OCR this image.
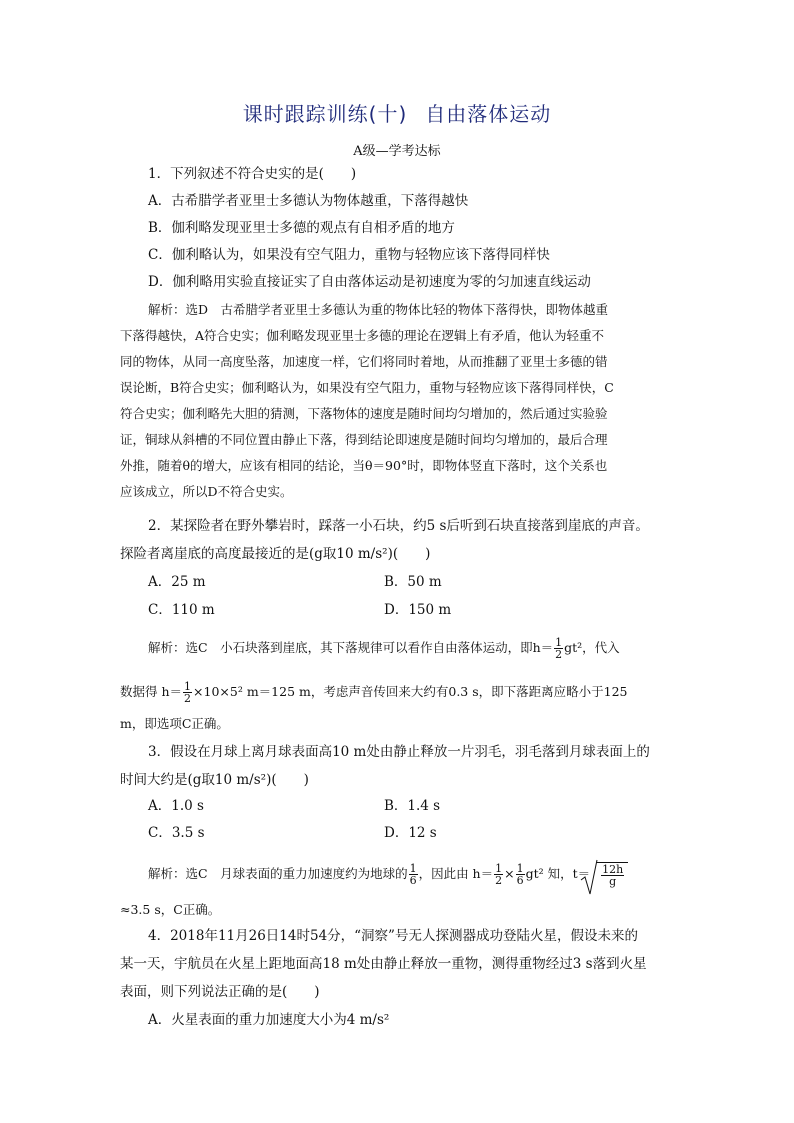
课时跟踪训练(十) 自由落体运动
A级—学考达标
1．下列叙述不符合史实的是(　　)
A．古希腊学者亚里士多德认为物体越重，下落得越快
B．伽利略发现亚里士多德的观点有自相矛盾的地方
C．伽利略认为，如果没有空气阻力，重物与轻物应该下落得同样快
D．伽利略用实验直接证实了自由落体运动是初速度为零的匀加速直线运动
解析：选D　古希腊学者亚里士多德认为重的物体比轻的物体下落得快，即物体越重
下落得越快，A符合史实；伽利略发现亚里士多德的理论在逻辑上有矛盾，他认为轻重不
同的物体，从同一高度坠落，加速度一样，它们将同时着地，从而推翻了亚里士多德的错
误论断，B符合史实；伽利略认为，如果没有空气阻力，重物与轻物应该下落得同样快，C
符合史实；伽利略先大胆的猜测，下落物体的速度是随时间均匀增加的，然后通过实验验
证，铜球从斜槽的不同位置由静止下落，得到结论即速度是随时间均匀增加的，最后合理
外推，随着θ的增大，应该有相同的结论，当θ＝90°时，即物体竖直下落时，这个关系也
应该成立，所以D不符合史实。
2．某探险者在野外攀岩时，踩落一小石块，约5 s后听到石块直接落到崖底的声音。
探险者离崖底的高度最接近的是(g取10 m/s²)(　　)
A．25 m	B．50 m
C．110 m	D．150 m
解析：选C　小石块落到崖底，其下落规律可以看作自由落体运动，即$h= \frac{1}{2} gt^2$，代入
数据得 $h= \frac{1}{2} \times 10\times 5^2$ m＝125 m，考虑声音传回来大约有0.3 s，即下落距离应略小于125
m，即选项C正确。
3．假设在月球上离月球表面高10 m处由静止释放一片羽毛，羽毛落到月球表面上的
时间大约是(g取10 m/s²)(　　)
A．1.0 s	B．1.4 s
C．3.5 s	D．12 s
解析：选C　月球表面的重力加速度约为地球的 $\frac{1}{6}$ ，因此由 $h= \frac{1}{2} \times \frac{1}{6} gt^2$ 知，$t= \frac{12h}{g}$
≈3.5 s，C正确。
4．2018年11月26日14时54分，“洞察”号无人探测器成功登陆火星，假设未来的
某一天，宇航员在火星上距地面高18 m处由静止释放一重物，测得重物经过3 s落到火星
表面，则下列说法正确的是(　　)
A．火星表面的重力加速度大小为4 m/s²
